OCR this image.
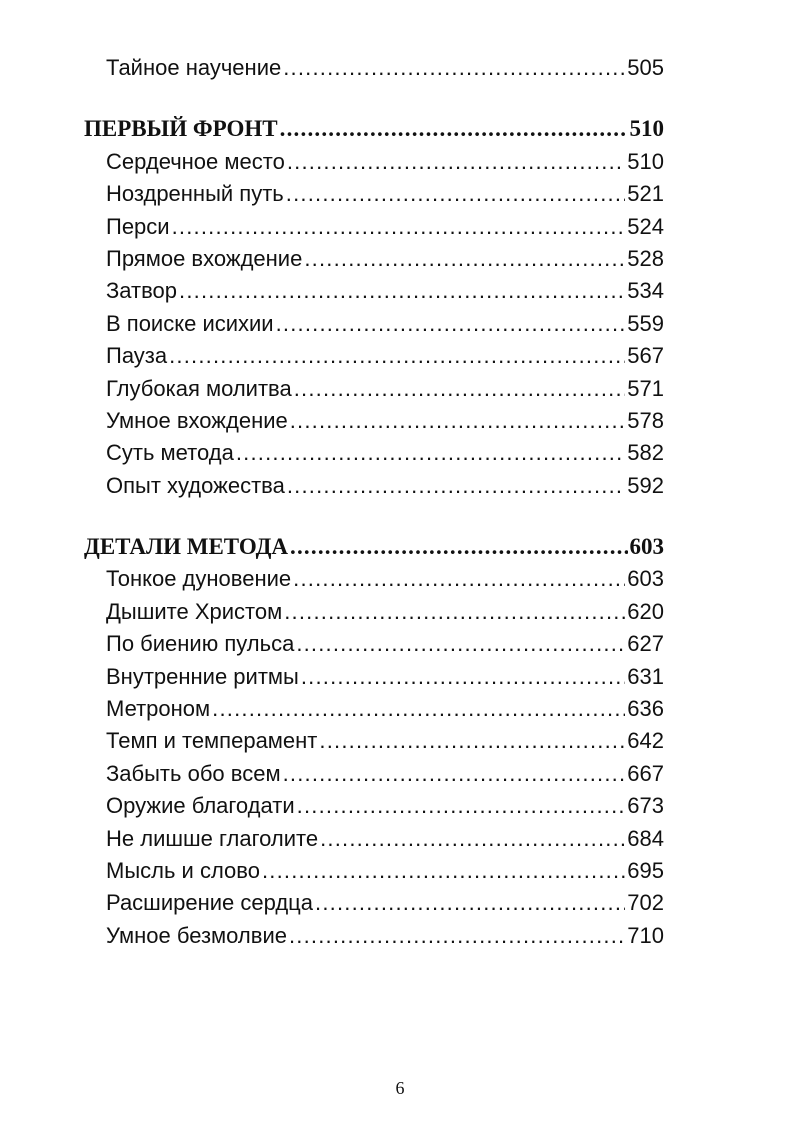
Тайное научение .....	505
ПЕРВЫЙ ФРОНТ .....	510
Сердечное место .....	510
Ноздренный путь .....	521
Перси .....	524
Прямое вхождение .....	528
Затвор .....	534
В поиске исихии .....	559
Пауза .....	567
Глубокая молитва .....	571
Умное вхождение .....	578
Суть метода .....	582
Опыт художества .....	592
ДЕТАЛИ МЕТОДА .....	603
Тонкое дуновение .....	603
Дышите Христом .....	620
По биению пульса .....	627
Внутренние ритмы .....	631
Метроном .....	636
Темп и темперамент .....	642
Забыть обо всем .....	667
Оружие благодати .....	673
Не лишше глаголите .....	684
Мысль и слово .....	695
Расширение сердца .....	702
Умное безмолвие .....	710
6
